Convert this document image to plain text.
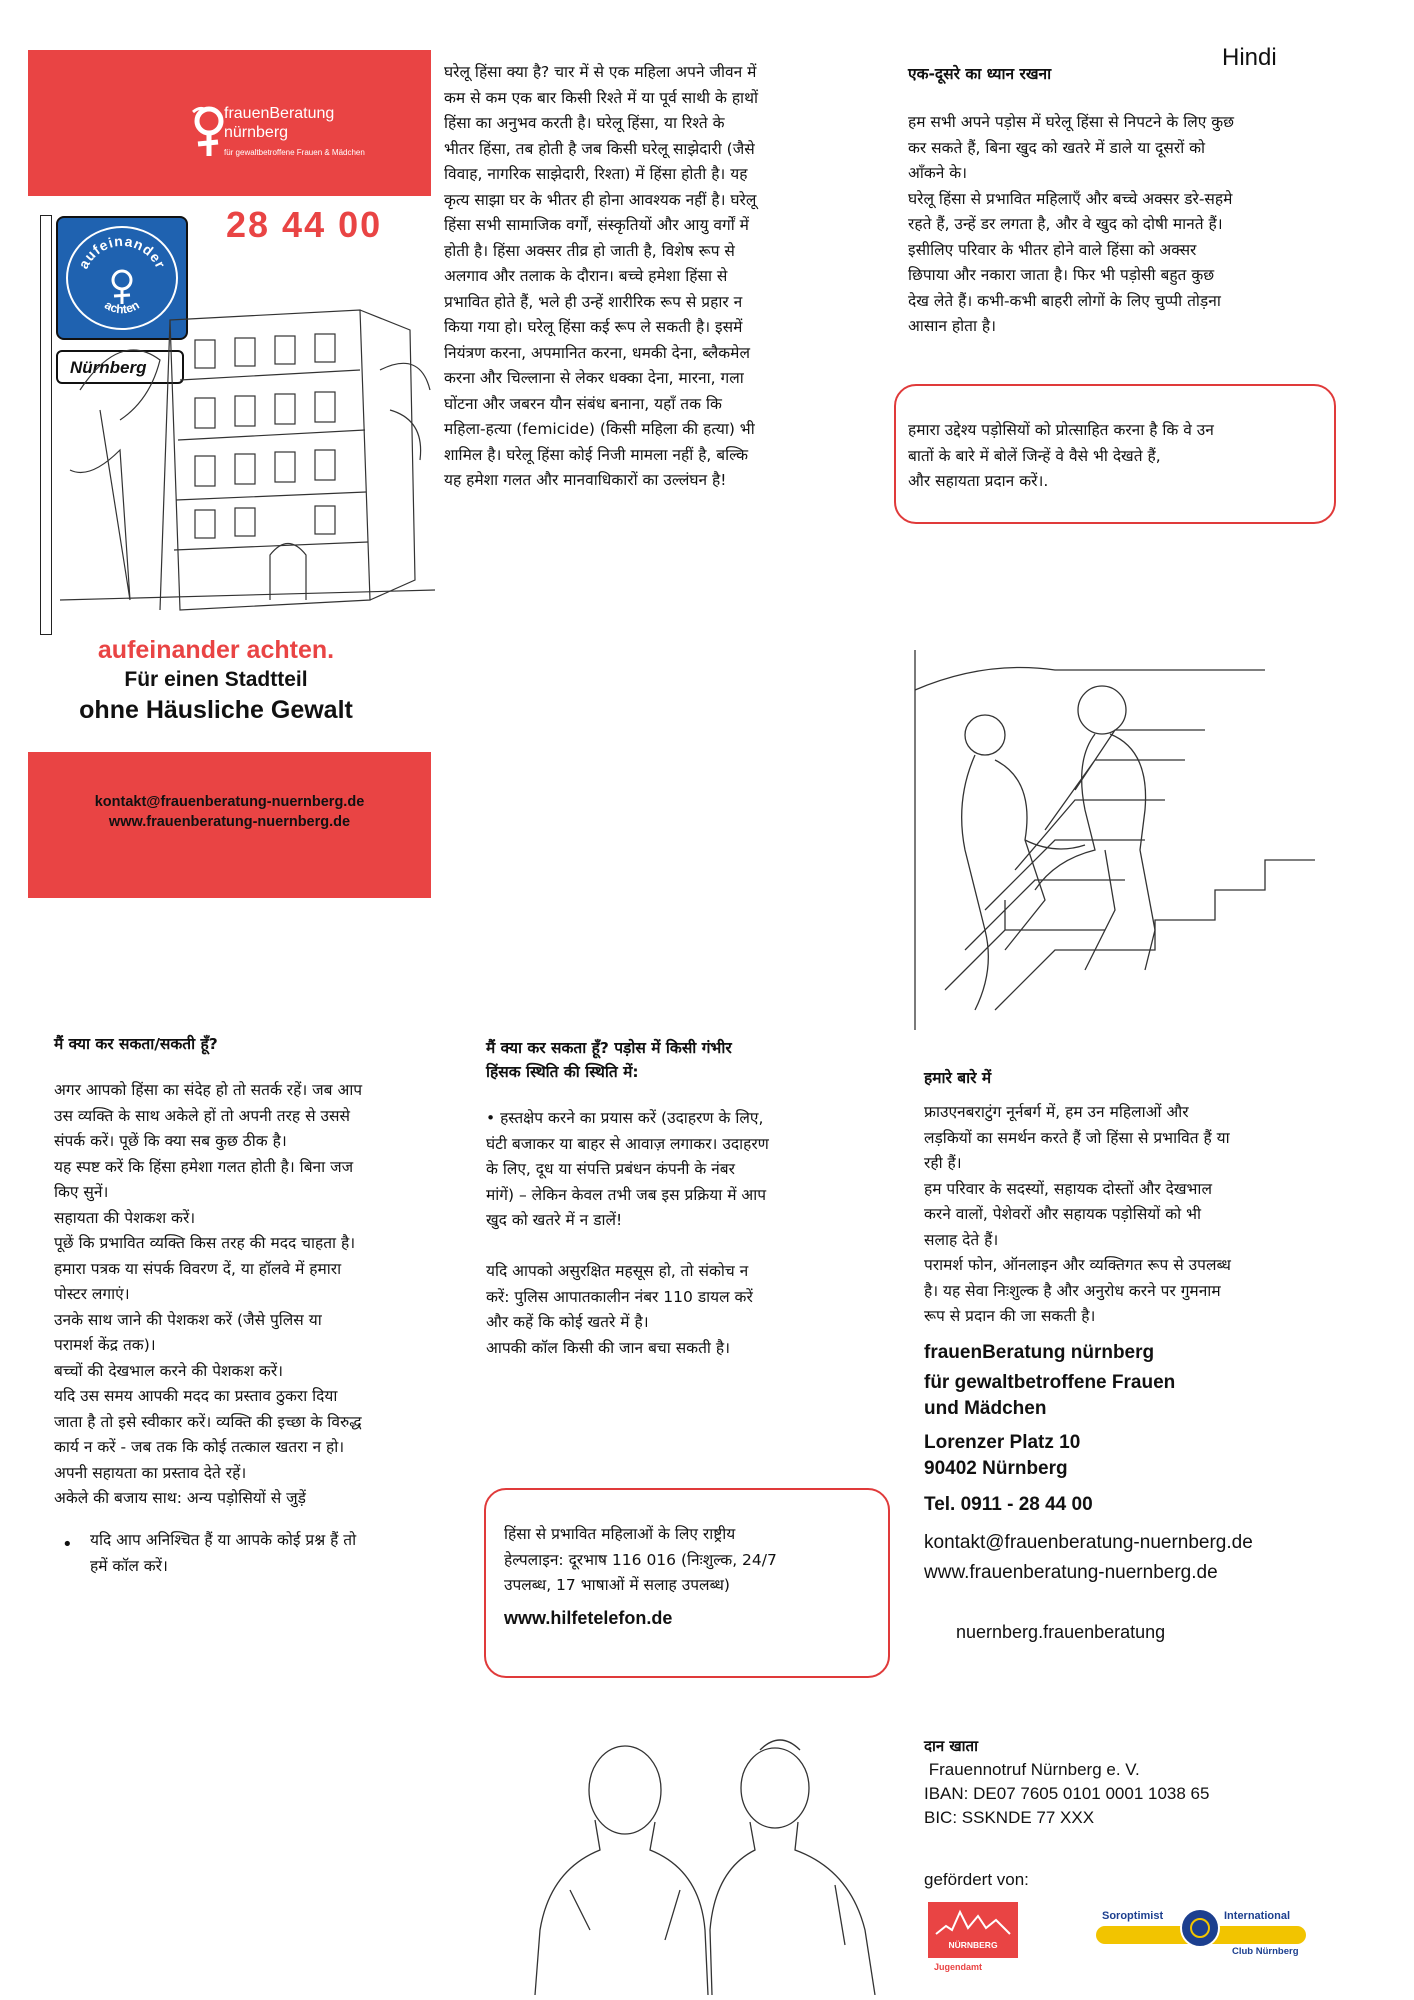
Hindi
frauenBeratung
nürnberg
für gewaltbetroffene Frauen & Mädchen
28 44 00
aufeinander
achten
Nürnberg
aufeinander achten.
Für einen Stadtteil
ohne Häusliche Gewalt
kontakt@frauenberatung-nuernberg.de
www.frauenberatung-nuernberg.de
घरेलू हिंसा क्या है? चार में से एक महिला अपने जीवन में
कम से कम एक बार किसी रिश्ते में या पूर्व साथी के हाथों
हिंसा का अनुभव करती है। घरेलू हिंसा, या रिश्ते के
भीतर हिंसा, तब होती है जब किसी घरेलू साझेदारी (जैसे
विवाह, नागरिक साझेदारी, रिश्ता) में हिंसा होती है। यह
कृत्य साझा घर के भीतर ही होना आवश्यक नहीं है। घरेलू
हिंसा सभी सामाजिक वर्गों, संस्कृतियों और आयु वर्गों में
होती है। हिंसा अक्सर तीव्र हो जाती है, विशेष रूप से
अलगाव और तलाक के दौरान। बच्चे हमेशा हिंसा से
प्रभावित होते हैं, भले ही उन्हें शारीरिक रूप से प्रहार न
किया गया हो। घरेलू हिंसा कई रूप ले सकती है। इसमें
नियंत्रण करना, अपमानित करना, धमकी देना, ब्लैकमेल
करना और चिल्लाना से लेकर धक्का देना, मारना, गला
घोंटना और जबरन यौन संबंध बनाना, यहाँ तक कि
महिला-हत्या (femicide) (किसी महिला की हत्या) भी
शामिल है। घरेलू हिंसा कोई निजी मामला नहीं है, बल्कि
यह हमेशा गलत और मानवाधिकारों का उल्लंघन है!
एक-दूसरे का ध्यान रखना
हम सभी अपने पड़ोस में घरेलू हिंसा से निपटने के लिए कुछ
कर सकते हैं, बिना खुद को खतरे में डाले या दूसरों को
आँकने के।
घरेलू हिंसा से प्रभावित महिलाएँ और बच्चे अक्सर डरे-सहमे
रहते हैं, उन्हें डर लगता है, और वे खुद को दोषी मानते हैं।
इसीलिए परिवार के भीतर होने वाले हिंसा को अक्सर
छिपाया और नकारा जाता है। फिर भी पड़ोसी बहुत कुछ
देख लेते हैं। कभी-कभी बाहरी लोगों के लिए चुप्पी तोड़ना
आसान होता है।
हमारा उद्देश्य पड़ोसियों को प्रोत्साहित करना है कि वे उन
बातों के बारे में बोलें जिन्हें वे वैसे भी देखते हैं,
और सहायता प्रदान करें।.
मैं क्या कर सकता/सकती हूँ?
अगर आपको हिंसा का संदेह हो तो सतर्क रहें। जब आप
उस व्यक्ति के साथ अकेले हों तो अपनी तरह से उससे
संपर्क करें। पूछें कि क्या सब कुछ ठीक है।
यह स्पष्ट करें कि हिंसा हमेशा गलत होती है। बिना जज
किए सुनें।
सहायता की पेशकश करें।
पूछें कि प्रभावित व्यक्ति किस तरह की मदद चाहता है।
हमारा पत्रक या संपर्क विवरण दें, या हॉलवे में हमारा
पोस्टर लगाएं।
उनके साथ जाने की पेशकश करें (जैसे पुलिस या
परामर्श केंद्र तक)।
बच्चों की देखभाल करने की पेशकश करें।
यदि उस समय आपकी मदद का प्रस्ताव ठुकरा दिया
जाता है तो इसे स्वीकार करें। व्यक्ति की इच्छा के विरुद्ध
कार्य न करें - जब तक कि कोई तत्काल खतरा न हो।
अपनी सहायता का प्रस्ताव देते रहें।
अकेले की बजाय साथ: अन्य पड़ोसियों से जुड़ें
• यदि आप अनिश्चित हैं या आपके कोई प्रश्न हैं तो
हमें कॉल करें।
मैं क्या कर सकता हूँ? पड़ोस में किसी गंभीर
हिंसक स्थिति की स्थिति में:
• हस्तक्षेप करने का प्रयास करें (उदाहरण के लिए,
घंटी बजाकर या बाहर से आवाज़ लगाकर। उदाहरण
के लिए, दूध या संपत्ति प्रबंधन कंपनी के नंबर
मांगें) – लेकिन केवल तभी जब इस प्रक्रिया में आप
खुद को खतरे में न डालें!

यदि आपको असुरक्षित महसूस हो, तो संकोच न
करें: पुलिस आपातकालीन नंबर 110 डायल करें
और कहें कि कोई खतरे में है।
आपकी कॉल किसी की जान बचा सकती है।
हिंसा से प्रभावित महिलाओं के लिए राष्ट्रीय
हेल्पलाइन: दूरभाष 116 016 (निःशुल्क, 24/7
उपलब्ध, 17 भाषाओं में सलाह उपलब्ध)
www.hilfetelefon.de
हमारे बारे में
फ्राउएनबराटुंग नूर्नबर्ग में, हम उन महिलाओं और
लड़कियों का समर्थन करते हैं जो हिंसा से प्रभावित हैं या
रही हैं।
हम परिवार के सदस्यों, सहायक दोस्तों और देखभाल
करने वालों, पेशेवरों और सहायक पड़ोसियों को भी
सलाह देते हैं।
परामर्श फोन, ऑनलाइन और व्यक्तिगत रूप से उपलब्ध
है। यह सेवा निःशुल्क है और अनुरोध करने पर गुमनाम
रूप से प्रदान की जा सकती है।
frauenBeratung nürnberg
für gewaltbetroffene Frauen
und Mädchen
Lorenzer Platz 10
90402 Nürnberg
Tel. 0911 - 28 44 00
kontakt@frauenberatung-nuernberg.de
www.frauenberatung-nuernberg.de
nuernberg.frauenberatung
दान खाता
Frauennotruf Nürnberg e. V.
IBAN: DE07 7605 0101 0001 1038 65
BIC: SSKNDE 77 XXX
gefördert von:
NÜRNBERG
Jugendamt
Soroptimist	International
Club Nürnberg
